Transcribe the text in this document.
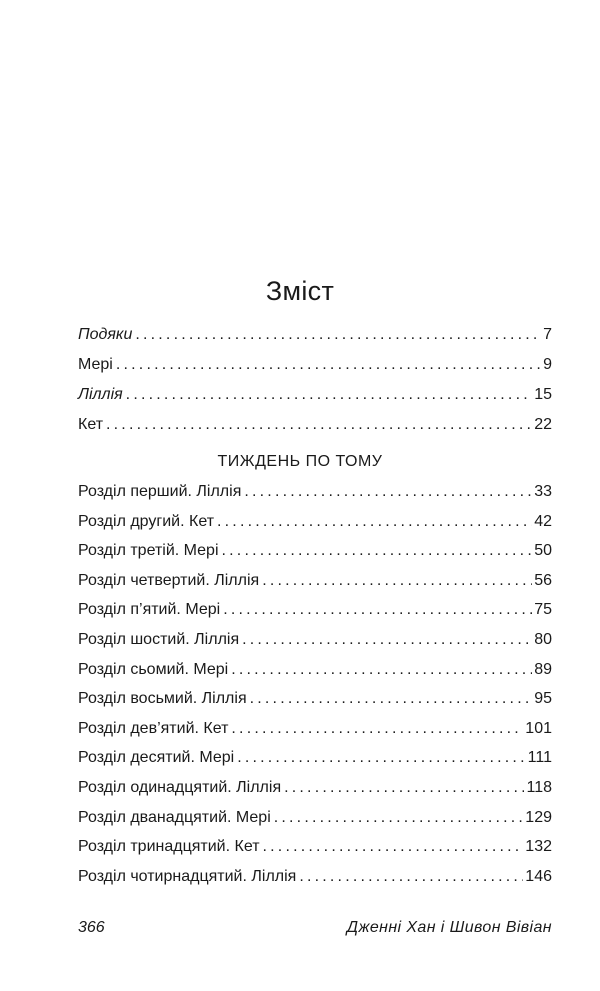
Зміст
Подяки .....	7
Мері .....	9
Ліллія .....	15
Кет .....	22
ТИЖДЕНЬ ПО ТОМУ
Розділ перший. Ліллія .....	33
Розділ другий. Кет .....	42
Розділ третій. Мері .....	50
Розділ четвертий. Ліллія .....	56
Розділ п’ятий. Мері .....	75
Розділ шостий. Ліллія .....	80
Розділ сьомий. Мері .....	89
Розділ восьмий. Ліллія .....	95
Розділ дев’ятий. Кет .....	101
Розділ десятий. Мері .....	111
Розділ одинадцятий. Ліллія .....	118
Розділ дванадцятий. Мері .....	129
Розділ тринадцятий. Кет .....	132
Розділ чотирнадцятий. Ліллія .....	146
366	Дженні Хан і Шивон Вівіан
